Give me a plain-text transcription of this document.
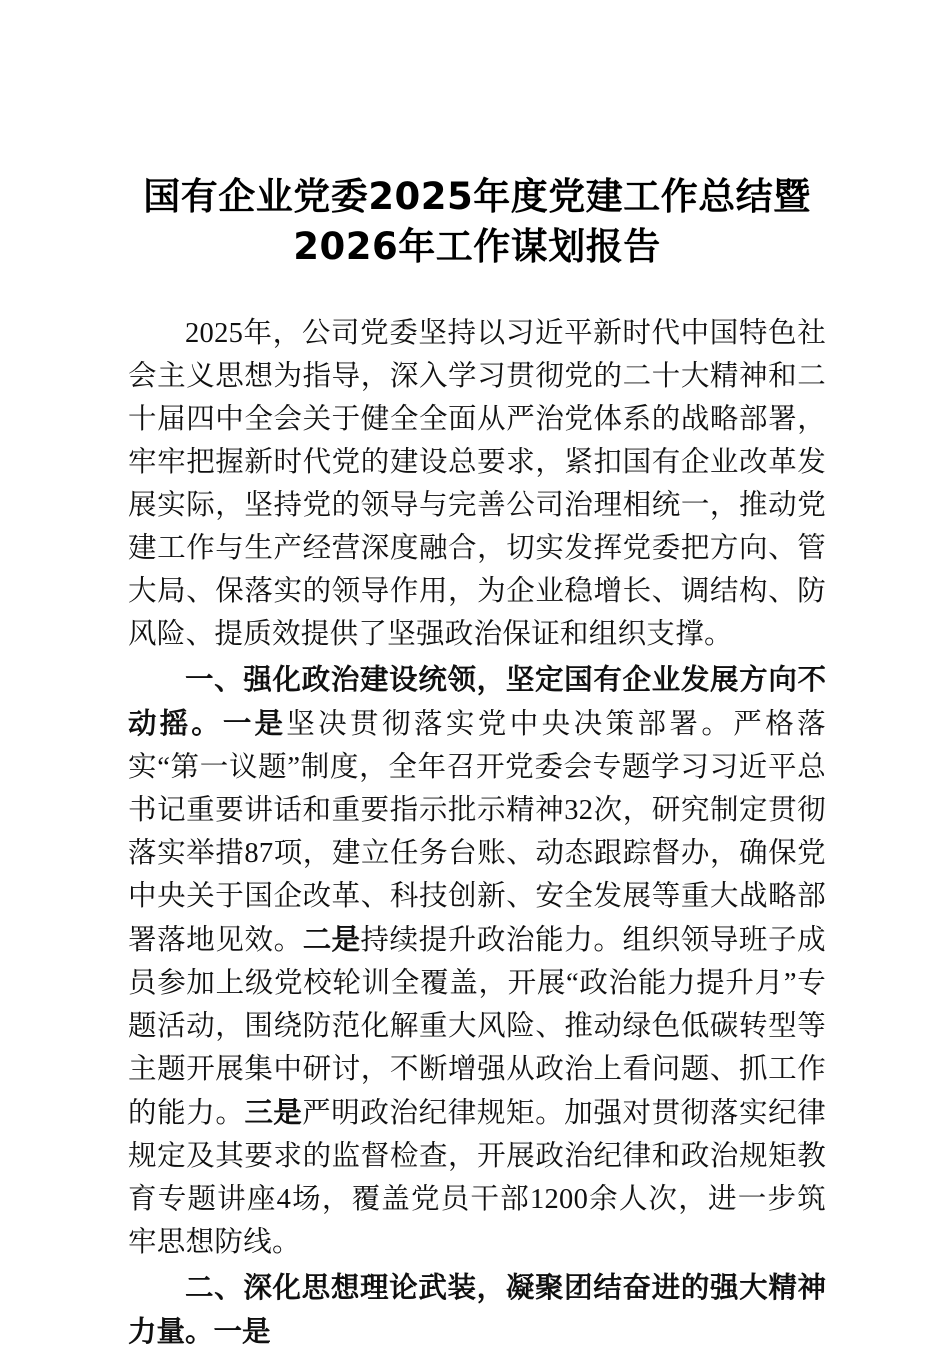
国有企业党委2025年度党建工作总结暨
2026年工作谋划报告

2025年，公司党委坚持以习近平新时代中国特色社会主义思想为指导，深入学习贯彻党的二十大精神和二十届四中全会关于健全全面从严治党体系的战略部署，牢牢把握新时代党的建设总要求，紧扣国有企业改革发展实际，坚持党的领导与完善公司治理相统一，推动党建工作与生产经营深度融合，切实发挥党委把方向、管大局、保落实的领导作用，为企业稳增长、调结构、防风险、提质效提供了坚强政治保证和组织支撑。

一、强化政治建设统领，坚定国有企业发展方向不动摇。一是坚决贯彻落实党中央决策部署。严格落实“第一议题”制度，全年召开党委会专题学习习近平总书记重要讲话和重要指示批示精神32次，研究制定贯彻落实举措87项，建立任务台账、动态跟踪督办，确保党中央关于国企改革、科技创新、安全发展等重大战略部署落地见效。二是持续提升政治能力。组织领导班子成员参加上级党校轮训全覆盖，开展“政治能力提升月”专题活动，围绕防范化解重大风险、推动绿色低碳转型等主题开展集中研讨，不断增强从政治上看问题、抓工作的能力。三是严明政治纪律规矩。加强对贯彻落实纪律规定及其要求的监督检查，开展政治纪律和政治规矩教育专题讲座4场，覆盖党员干部1200余人次，进一步筑牢思想防线。

二、深化思想理论武装，凝聚团结奋进的强大精神力量。一是
